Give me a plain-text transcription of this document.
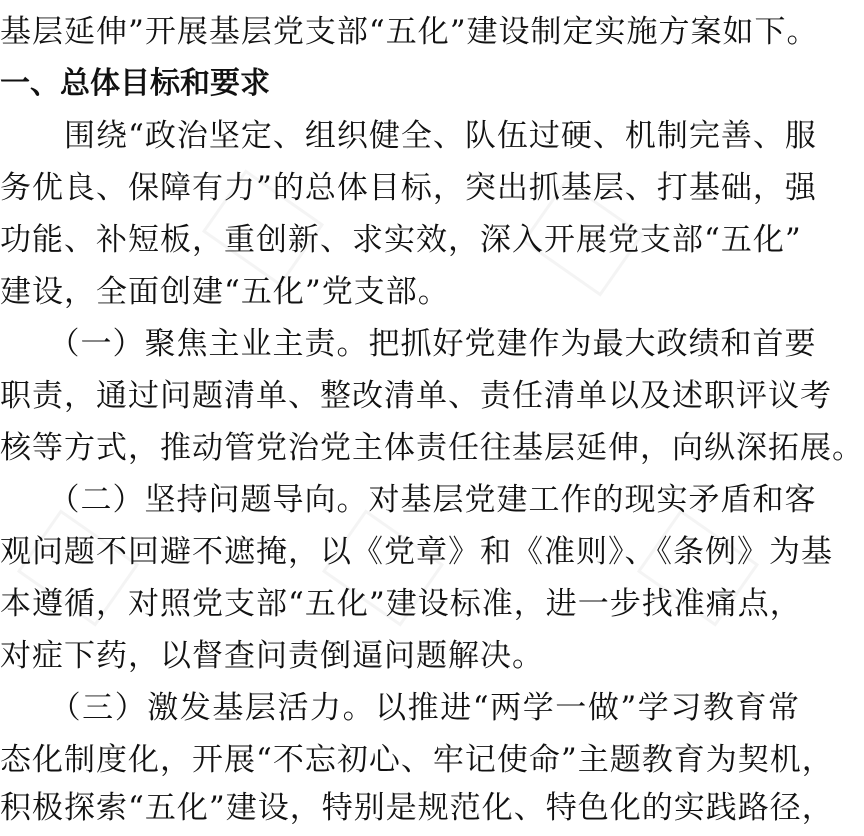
基层延伸”开展基层党支部“五化”建设制定实施方案如下。
一、总体目标和要求
　　围绕“政治坚定、组织健全、队伍过硬、机制完善、服
务优良、保障有力”的总体目标，突出抓基层、打基础，强
功能、补短板，重创新、求实效，深入开展党支部“五化”
建设，全面创建“五化”党支部。
　　（一）聚焦主业主责。把抓好党建作为最大政绩和首要
职责，通过问题清单、整改清单、责任清单以及述职评议考
核等方式，推动管党治党主体责任往基层延伸，向纵深拓展。
　　（二）坚持问题导向。对基层党建工作的现实矛盾和客
观问题不回避不遮掩，以《党章》和《准则》、《条例》为基
本遵循，对照党支部“五化”建设标准，进一步找准痛点，
对症下药，以督查问责倒逼问题解决。
　　（三）激发基层活力。以推进“两学一做”学习教育常
态化制度化，开展“不忘初心、牢记使命”主题教育为契机，
积极探索“五化”建设，特别是规范化、特色化的实践路径，
